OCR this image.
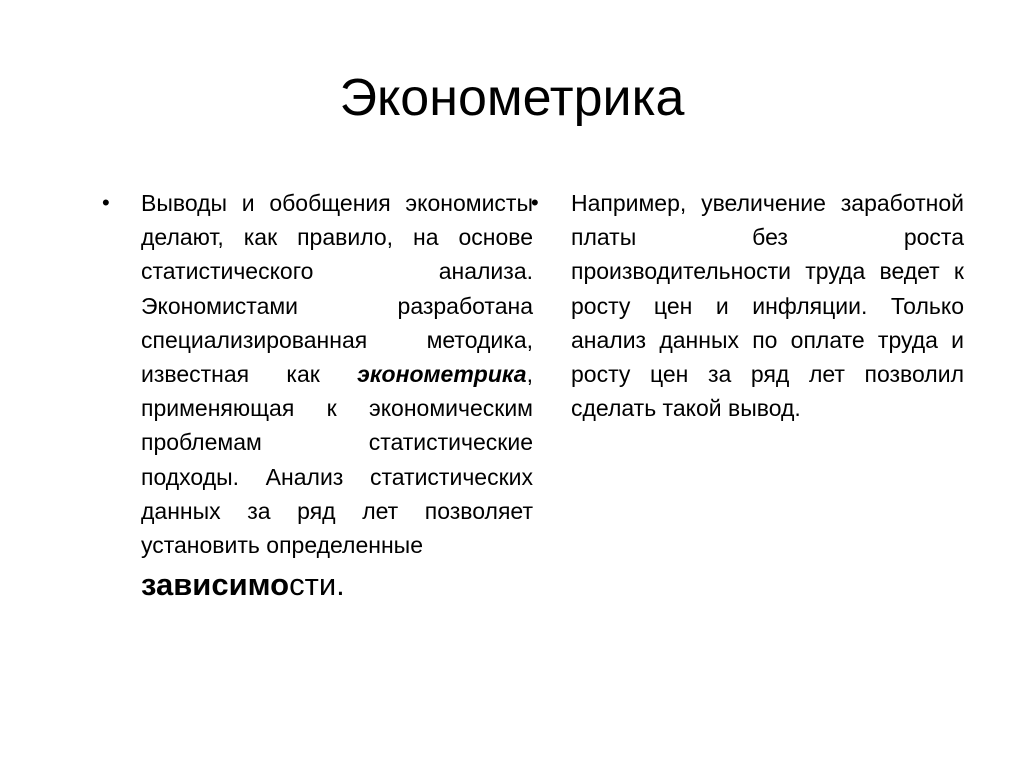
Эконометрика
• Выводы и обобщения экономисты делают, как правило, на основе статистического анализа. Экономистами разработана специализированная методика, известная как эконометрика, применяющая к экономическим проблемам статистические подходы. Анализ статистических данных за ряд лет позволяет установить определенные

зависимости.

• Например, увеличение заработной платы без роста производительности труда ведет к росту цен и инфляции. Только анализ данных по оплате труда и росту цен за ряд лет позволил сделать такой вывод.
